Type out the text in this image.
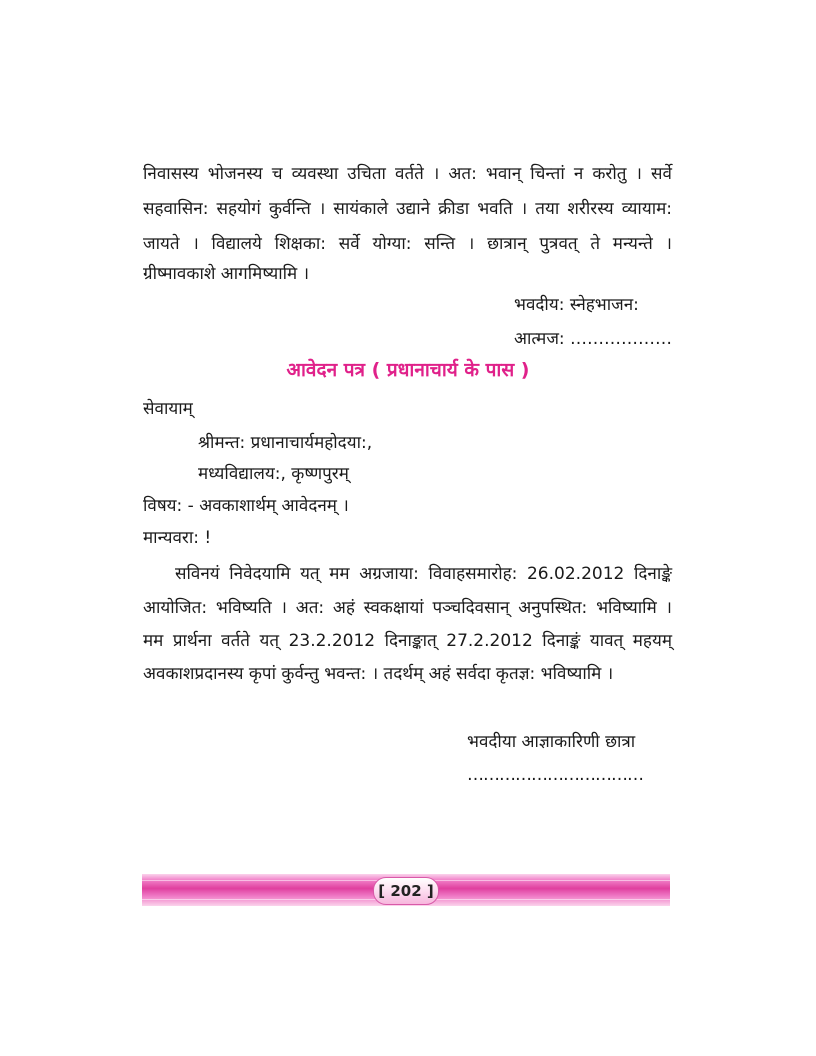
निवासस्य भोजनस्य च व्यवस्था उचिता वर्तते । अत: भवान् चिन्तां न करोतु । सर्वे
सहवासिन: सहयोगं कुर्वन्ति । सायंकाले उद्याने क्रीडा भवति । तया शरीरस्य व्यायाम:
जायते । विद्यालये शिक्षका: सर्वे योग्या: सन्ति । छात्रान् पुत्रवत् ते मन्यन्ते ।
ग्रीष्मावकाशे आगमिष्यामि ।
भवदीय: स्नेहभाजन:
आत्मज: ………………
आवेदन पत्र ( प्रधानाचार्य के पास )
सेवायाम्
श्रीमन्त: प्रधानाचार्यमहोदया:,
मध्यविद्यालय:, कृष्णपुरम्
विषय: - अवकाशार्थम् आवेदनम् ।
मान्यवरा: !
सविनयं निवेदयामि यत् मम अग्रजाया: विवाहसमारोह: 26.02.2012 दिनाङ्के
आयोजित: भविष्यति । अत: अहं स्वकक्षायां पञ्चदिवसान् अनुपस्थित: भविष्यामि ।
मम प्रार्थना वर्तते यत् 23.2.2012 दिनाङ्कात् 27.2.2012 दिनाङ्कं यावत् महयम्
अवकाशप्रदानस्य कृपां कुर्वन्तु भवन्त: । तदर्थम् अहं सर्वदा कृतज्ञ: भविष्यामि ।
भवदीया आज्ञाकारिणी छात्रा
……………………………
[ 202 ]
